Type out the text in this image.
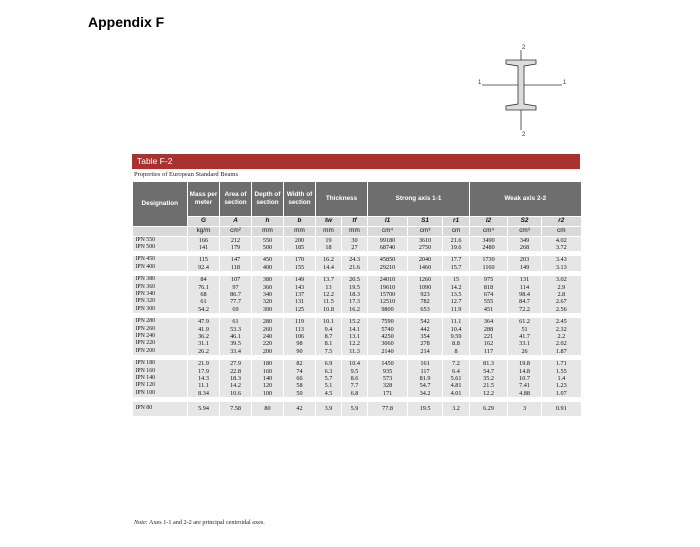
Appendix F
2
2
1	1
Table F-2
Properties of European Standard Beams
Designation	Mass per meter	Area of section	Depth of section	Width of section	Thickness		Strong axis 1-1			Weak axis 2-2		
	G	A	h	b	tw	tf	I1	S1	r1	I2	S2	r2
	kg/m	cm²	mm	mm	mm	mm	cm⁴	cm³	cm	cm⁴	cm³	cm
IPN 550	166	212	550	200	19	30	99180	3610	21.6	3490	349	4.02
IPN 500	141	179	500	185	18	27	68740	2750	19.6	2480	268	3.72

IPN 450	115	147	450	170	16.2	24.3	45850	2040	17.7	1730	203	3.43
IPN 400	92.4	118	400	155	14.4	21.6	29210	1460	15.7	1160	149	3.13

IPN 380	84	107	380	149	13.7	20.5	24010	1260	15	975	131	3.02
IPN 360	76.1	97	360	143	13	19.5	19610	1090	14.2	818	114	2.9
IPN 340	68	86.7	340	137	12.2	18.3	15700	923	13.5	674	98.4	2.8
IPN 320	61	77.7	320	131	11.5	17.3	12510	782	12.7	555	84.7	2.67
IPN 300	54.2	69	300	125	10.8	16.2	9800	653	11.9	451	72.2	2.56

IPN 280	47.9	61	280	119	10.1	15.2	7590	542	11.1	364	61.2	2.45
IPN 260	41.9	53.3	260	113	9.4	14.1	5740	442	10.4	288	51	2.32
IPN 240	36.2	46.1	240	106	8.7	13.1	4250	354	9.59	221	41.7	2.2
IPN 220	31.1	39.5	220	98	8.1	12.2	3060	278	8.8	162	33.1	2.02
IPN 200	26.2	33.4	200	90	7.5	11.3	2140	214	8	117	26	1.87

IPN 180	21.9	27.9	180	82	6.9	10.4	1450	161	7.2	81.3	19.8	1.71
IPN 160	17.9	22.8	160	74	6.3	9.5	935	117	6.4	54.7	14.8	1.55
IPN 140	14.3	18.3	140	66	5.7	8.6	573	81.9	5.61	35.2	10.7	1.4
IPN 120	11.1	14.2	120	58	5.1	7.7	328	54.7	4.81	21.5	7.41	1.23
IPN 100	8.34	10.6	100	50	4.5	6.8	171	34.2	4.01	12.2	4.88	1.07

IPN 80	5.94	7.58	80	42	3.9	5.9	77.8	19.5	3.2	6.29	3	0.91
Note: Axes 1-1 and 2-2 are principal centroidal axes.
